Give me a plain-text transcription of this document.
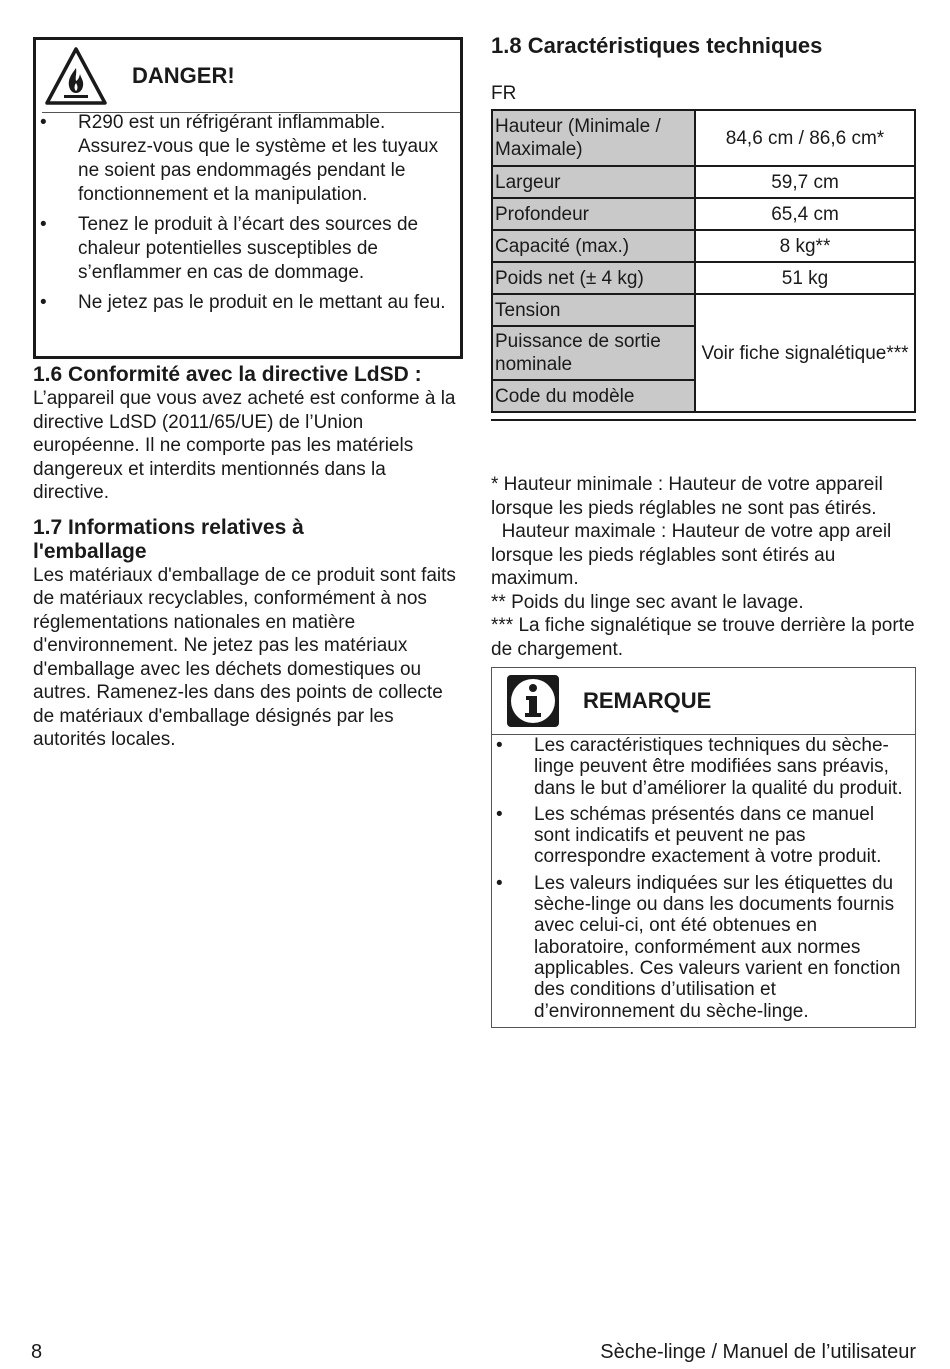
DANGER!
• R290 est un réfrigérant inflammable. Assurez-vous que le système et les tuyaux ne soient pas endommagés pendant le fonctionnement et la manipulation.
• Tenez le produit à l’écart des sources de chaleur potentielles susceptibles de s’enflammer en cas de dommage.
• Ne jetez pas le produit en le mettant au feu.
1.6 Conformité avec la directive LdSD :

L’appareil que vous avez acheté est conforme à la directive LdSD (2011/65/UE) de l’Union européenne. Il ne comporte pas les matériels dangereux et interdits mentionnés dans la directive.

1.7 Informations relatives à l'emballage

Les matériaux d'emballage de ce produit sont faits de matériaux recyclables, conformément à nos réglementations nationales en matière d'environnement. Ne jetez pas les matériaux d'emballage avec les déchets domestiques ou autres. Ramenez-les dans des points de collecte de matériaux d'emballage désignés par les autorités locales.

1.8 Caractéristiques techniques
FR
Hauteur (Minimale / Maximale)	84,6 cm / 86,6 cm*
Largeur	59,7 cm
Profondeur	65,4 cm
Capacité (max.)	8 kg**
Poids net (± 4 kg)	51 kg
Tension	Voir fiche signalétique***
Puissance de sortie nominale	
Code du modèle	
* Hauteur minimale : Hauteur de votre appareil lorsque les pieds réglables ne sont pas étirés.
Hauteur maximale : Hauteur de votre app areil lorsque les pieds réglables sont étirés au maximum.
** Poids du linge sec avant le lavage.
*** La fiche signalétique se trouve derrière la porte de chargement.
REMARQUE
• Les caractéristiques techniques du sèche-linge peuvent être modifiées sans préavis, dans le but d’améliorer la qualité du produit.
• Les schémas présentés dans ce manuel sont indicatifs et peuvent ne pas correspondre exactement à votre produit.
• Les valeurs indiquées sur les étiquettes du sèche-linge ou dans les documents fournis avec celui-ci, ont été obtenues en laboratoire, conformément aux normes applicables. Ces valeurs varient en fonction des conditions d’utilisation et d’environnement du sèche-linge.
8	Sèche-linge / Manuel de l’utilisateur
